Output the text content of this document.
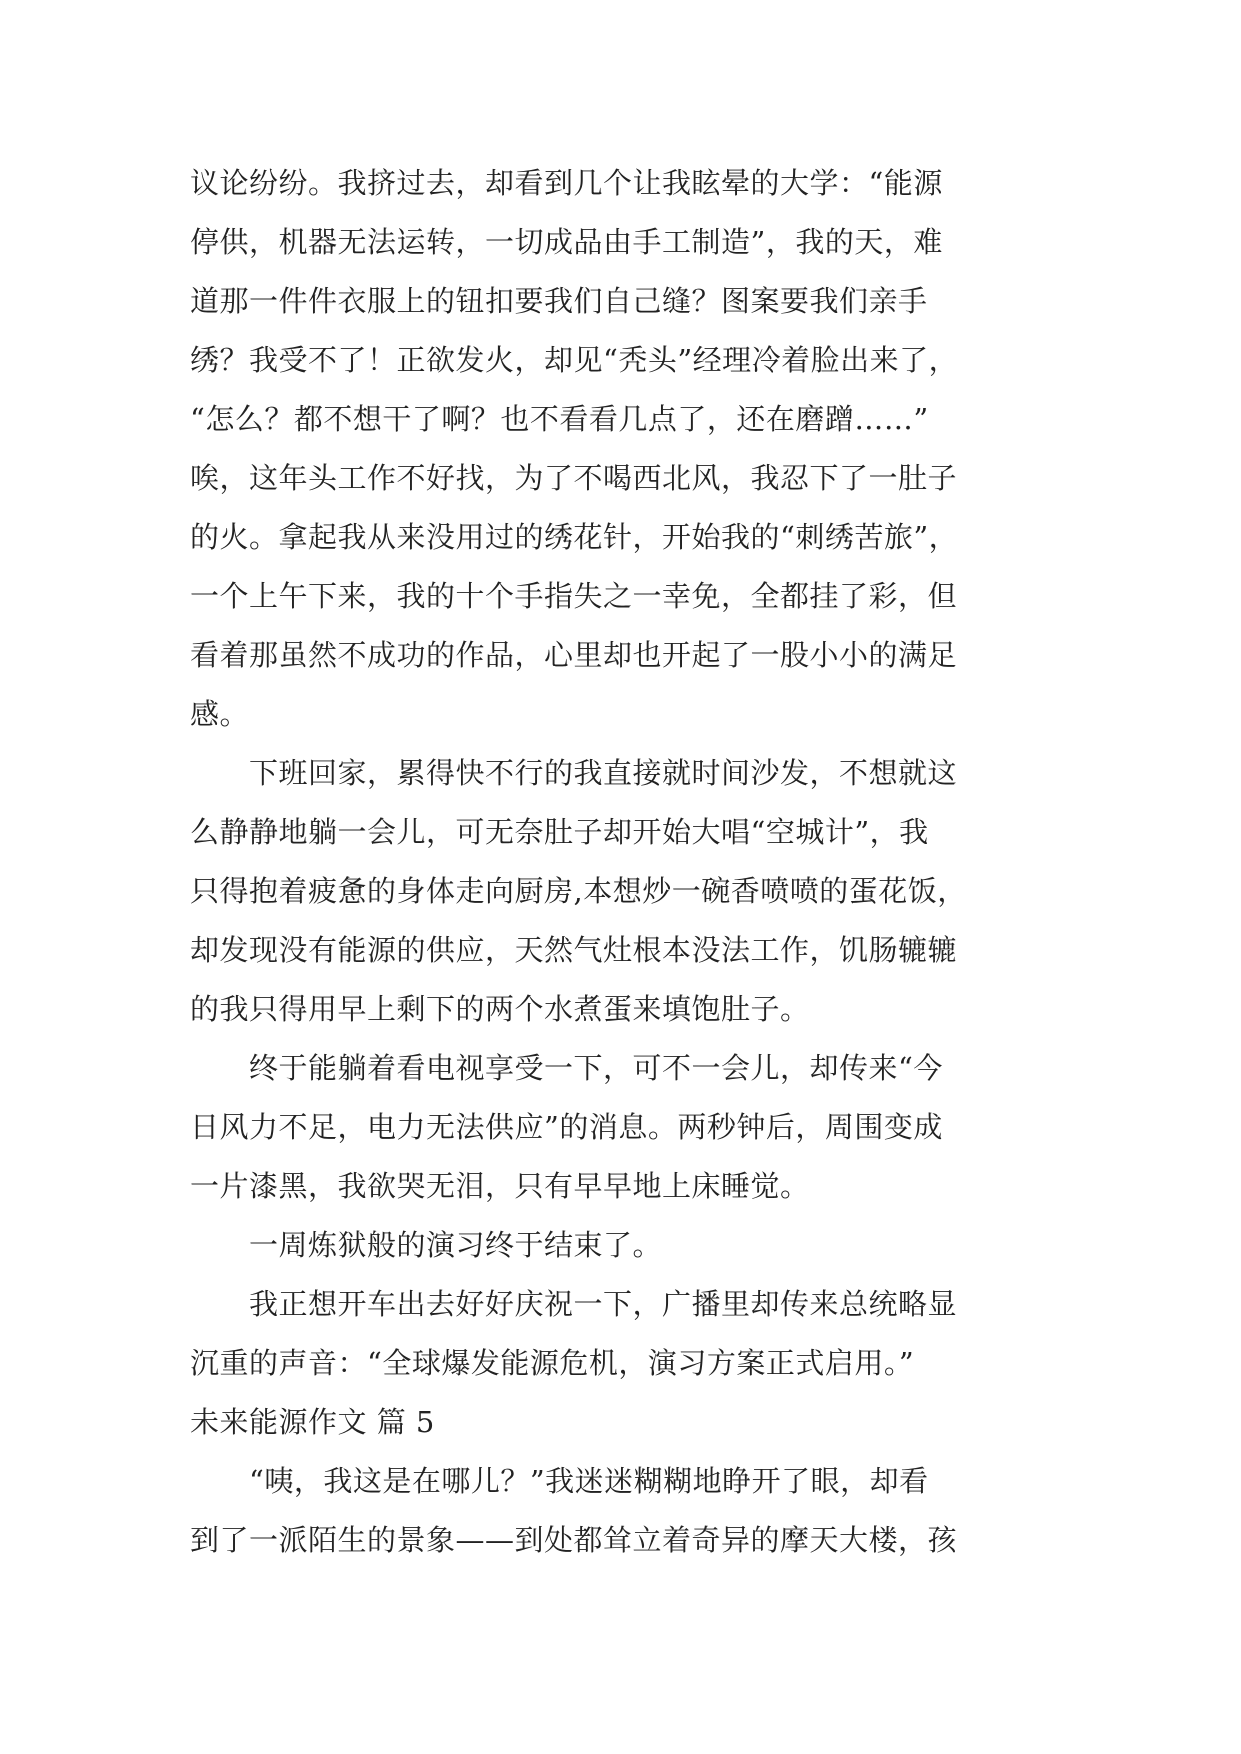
议论纷纷。我挤过去，却看到几个让我眩晕的大学：“能源
停供，机器无法运转，一切成品由手工制造”，我的天，难
道那一件件衣服上的钮扣要我们自己缝？图案要我们亲手
绣？我受不了！正欲发火，却见“秃头”经理冷着脸出来了，
“怎么？都不想干了啊？也不看看几点了，还在磨蹭……”
唉，这年头工作不好找，为了不喝西北风，我忍下了一肚子
的火。拿起我从来没用过的绣花针，开始我的“刺绣苦旅”，
一个上午下来，我的十个手指失之一幸免，全都挂了彩，但
看着那虽然不成功的作品，心里却也开起了一股小小的满足
感。
　　下班回家，累得快不行的我直接就时间沙发，不想就这
么静静地躺一会儿，可无奈肚子却开始大唱“空城计”，我
只得抱着疲惫的身体走向厨房,本想炒一碗香喷喷的蛋花饭，
却发现没有能源的供应，天然气灶根本没法工作，饥肠辘辘
的我只得用早上剩下的两个水煮蛋来填饱肚子。
　　终于能躺着看电视享受一下，可不一会儿，却传来“今
日风力不足，电力无法供应”的消息。两秒钟后，周围变成
一片漆黑，我欲哭无泪，只有早早地上床睡觉。
　　一周炼狱般的演习终于结束了。
　　我正想开车出去好好庆祝一下，广播里却传来总统略显
沉重的声音：“全球爆发能源危机，演习方案正式启用。”
未来能源作文 篇 5
　　“咦，我这是在哪儿？”我迷迷糊糊地睁开了眼，却看
到了一派陌生的景象——到处都耸立着奇异的摩天大楼，孩
